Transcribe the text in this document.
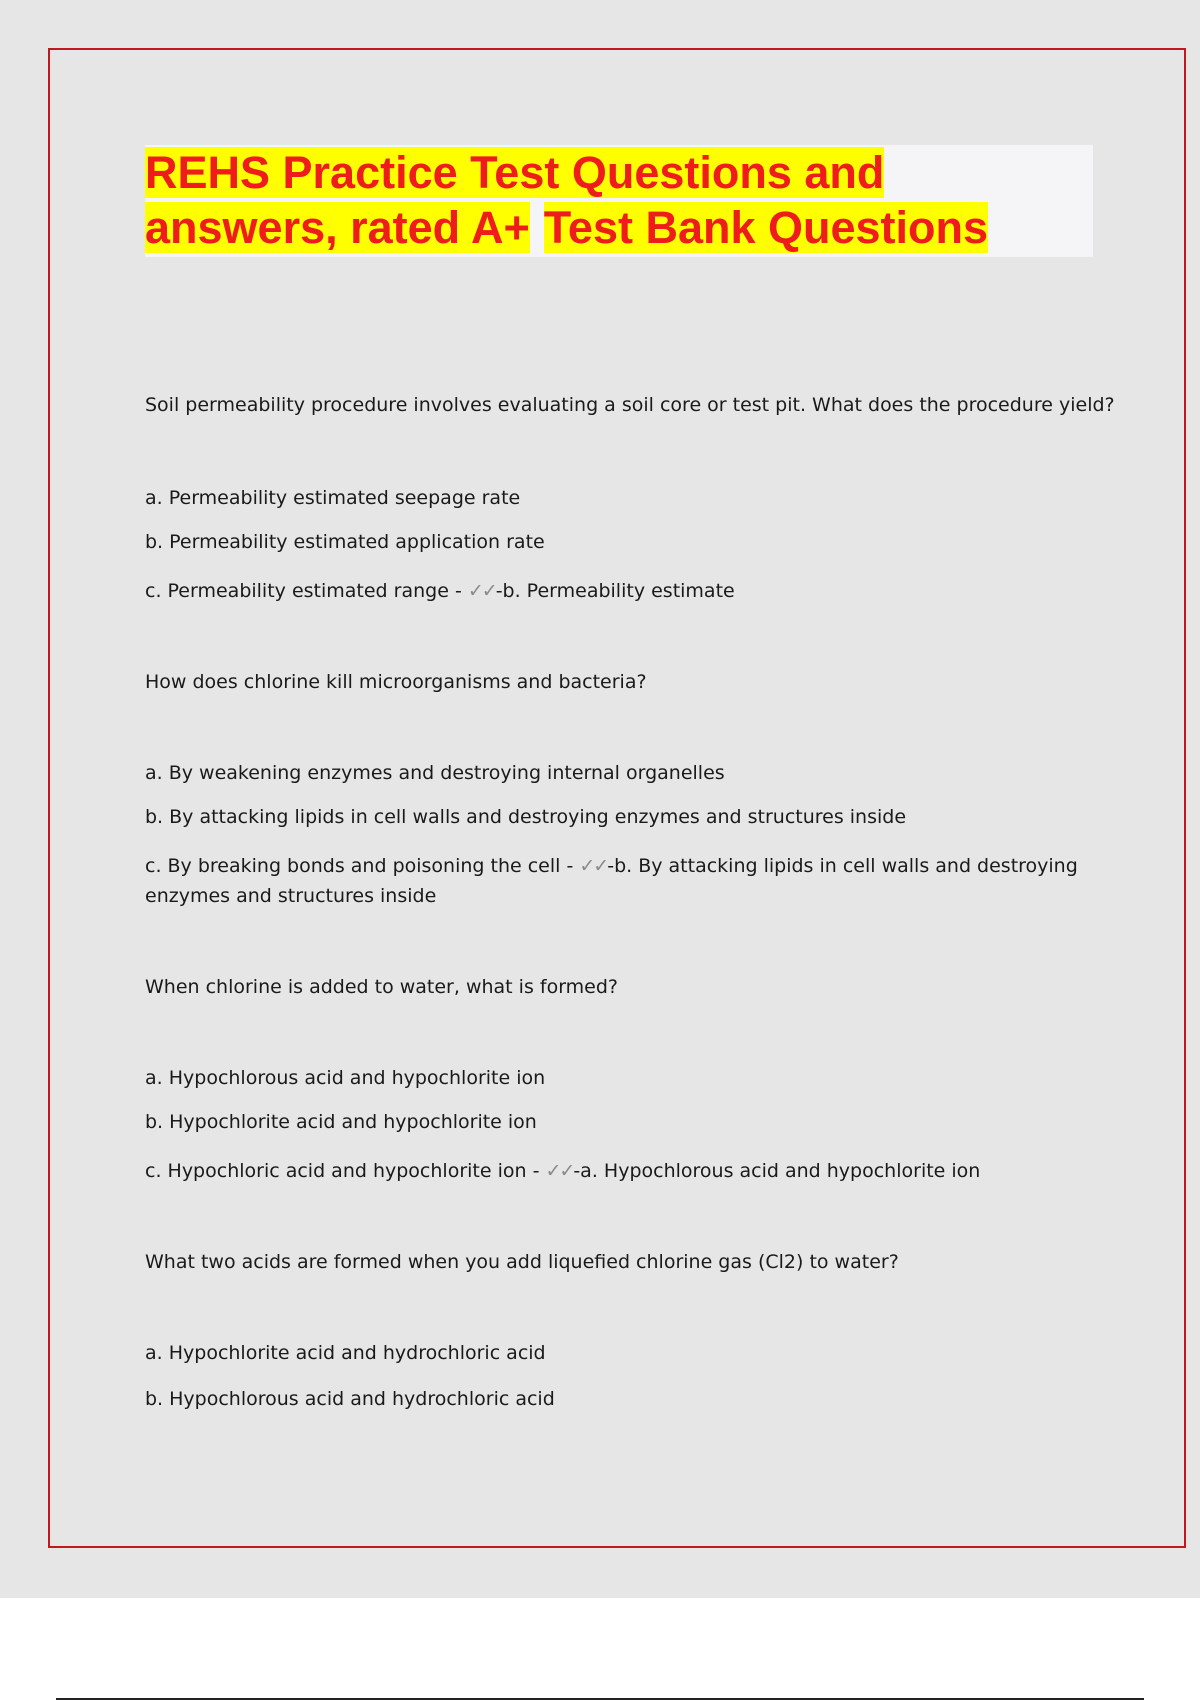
REHS Practice Test Questions and
answers, rated A+ Test Bank Questions
Soil permeability procedure involves evaluating a soil core or test pit. What does the procedure yield?
a. Permeability estimated seepage rate
b. Permeability estimated application rate
c. Permeability estimated range - ✓✓-b. Permeability estimate
How does chlorine kill microorganisms and bacteria?
a. By weakening enzymes and destroying internal organelles
b. By attacking lipids in cell walls and destroying enzymes and structures inside
c. By breaking bonds and poisoning the cell - ✓✓-b. By attacking lipids in cell walls and destroying
enzymes and structures inside
When chlorine is added to water, what is formed?
a. Hypochlorous acid and hypochlorite ion
b. Hypochlorite acid and hypochlorite ion
c. Hypochloric acid and hypochlorite ion - ✓✓-a. Hypochlorous acid and hypochlorite ion
What two acids are formed when you add liquefied chlorine gas (Cl2) to water?
a. Hypochlorite acid and hydrochloric acid
b. Hypochlorous acid and hydrochloric acid
